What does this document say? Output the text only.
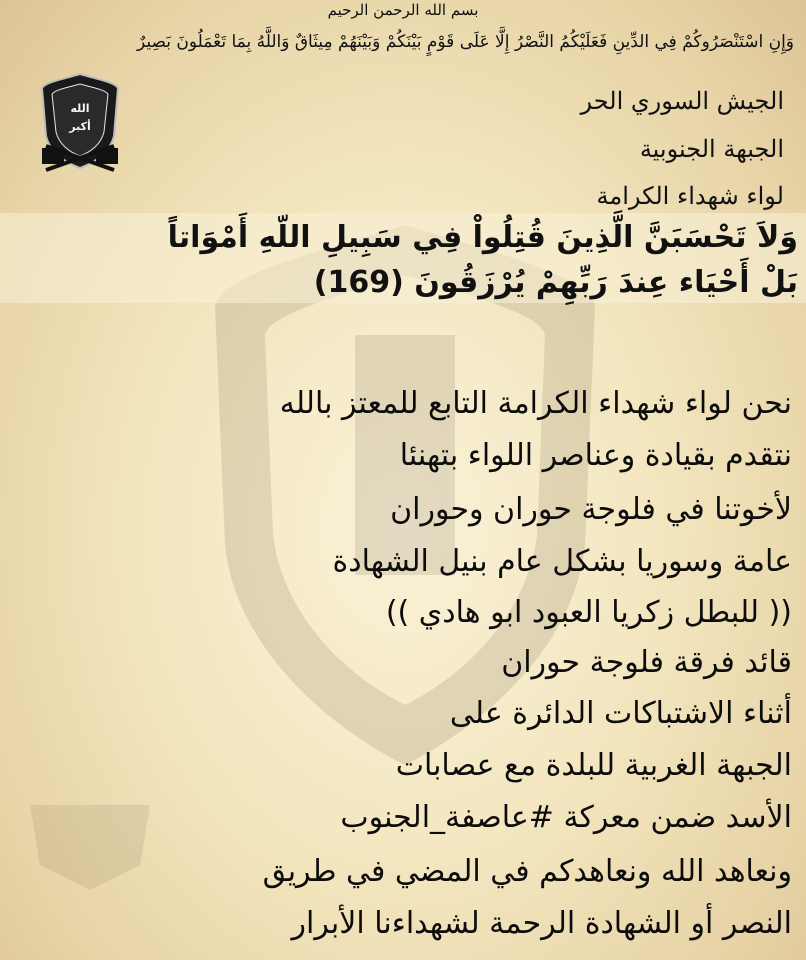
بسم الله الرحمن الرحيم
وَإِنِ اسْتَنْصَرُوكُمْ فِي الدِّينِ فَعَلَيْكُمُ النَّصْرُ إِلَّا عَلَى قَوْمٍ بَيْنَكُمْ وَبَيْنَهُمْ مِيثَاقٌ وَاللَّهُ بِمَا تَعْمَلُونَ بَصِيرٌ
الله
أكبر
الجيش السوري الحر
الجبهة الجنوبية
لواء شهداء الكرامة
وَلاَ تَحْسَبَنَّ الَّذِينَ قُتِلُواْ فِي سَبِيلِ اللّهِ أَمْوَاتاً
بَلْ أَحْيَاء عِندَ رَبِّهِمْ يُرْزَقُونَ (169)
نحن لواء شهداء الكرامة التابع للمعتز بالله
نتقدم بقيادة وعناصر اللواء بتهنئا
لأخوتنا في فلوجة حوران وحوران
عامة وسوريا بشكل عام بنيل الشهادة
(( للبطل زكريا العبود ابو هادي ))
قائد فرقة فلوجة حوران
أثناء الاشتباكات الدائرة على
الجبهة الغربية للبلدة مع عصابات
الأسد ضمن معركة #عاصفة_الجنوب
ونعاهد الله ونعاهدكم في المضي في طريق
النصر أو الشهادة الرحمة لشهداءنا الأبرار
